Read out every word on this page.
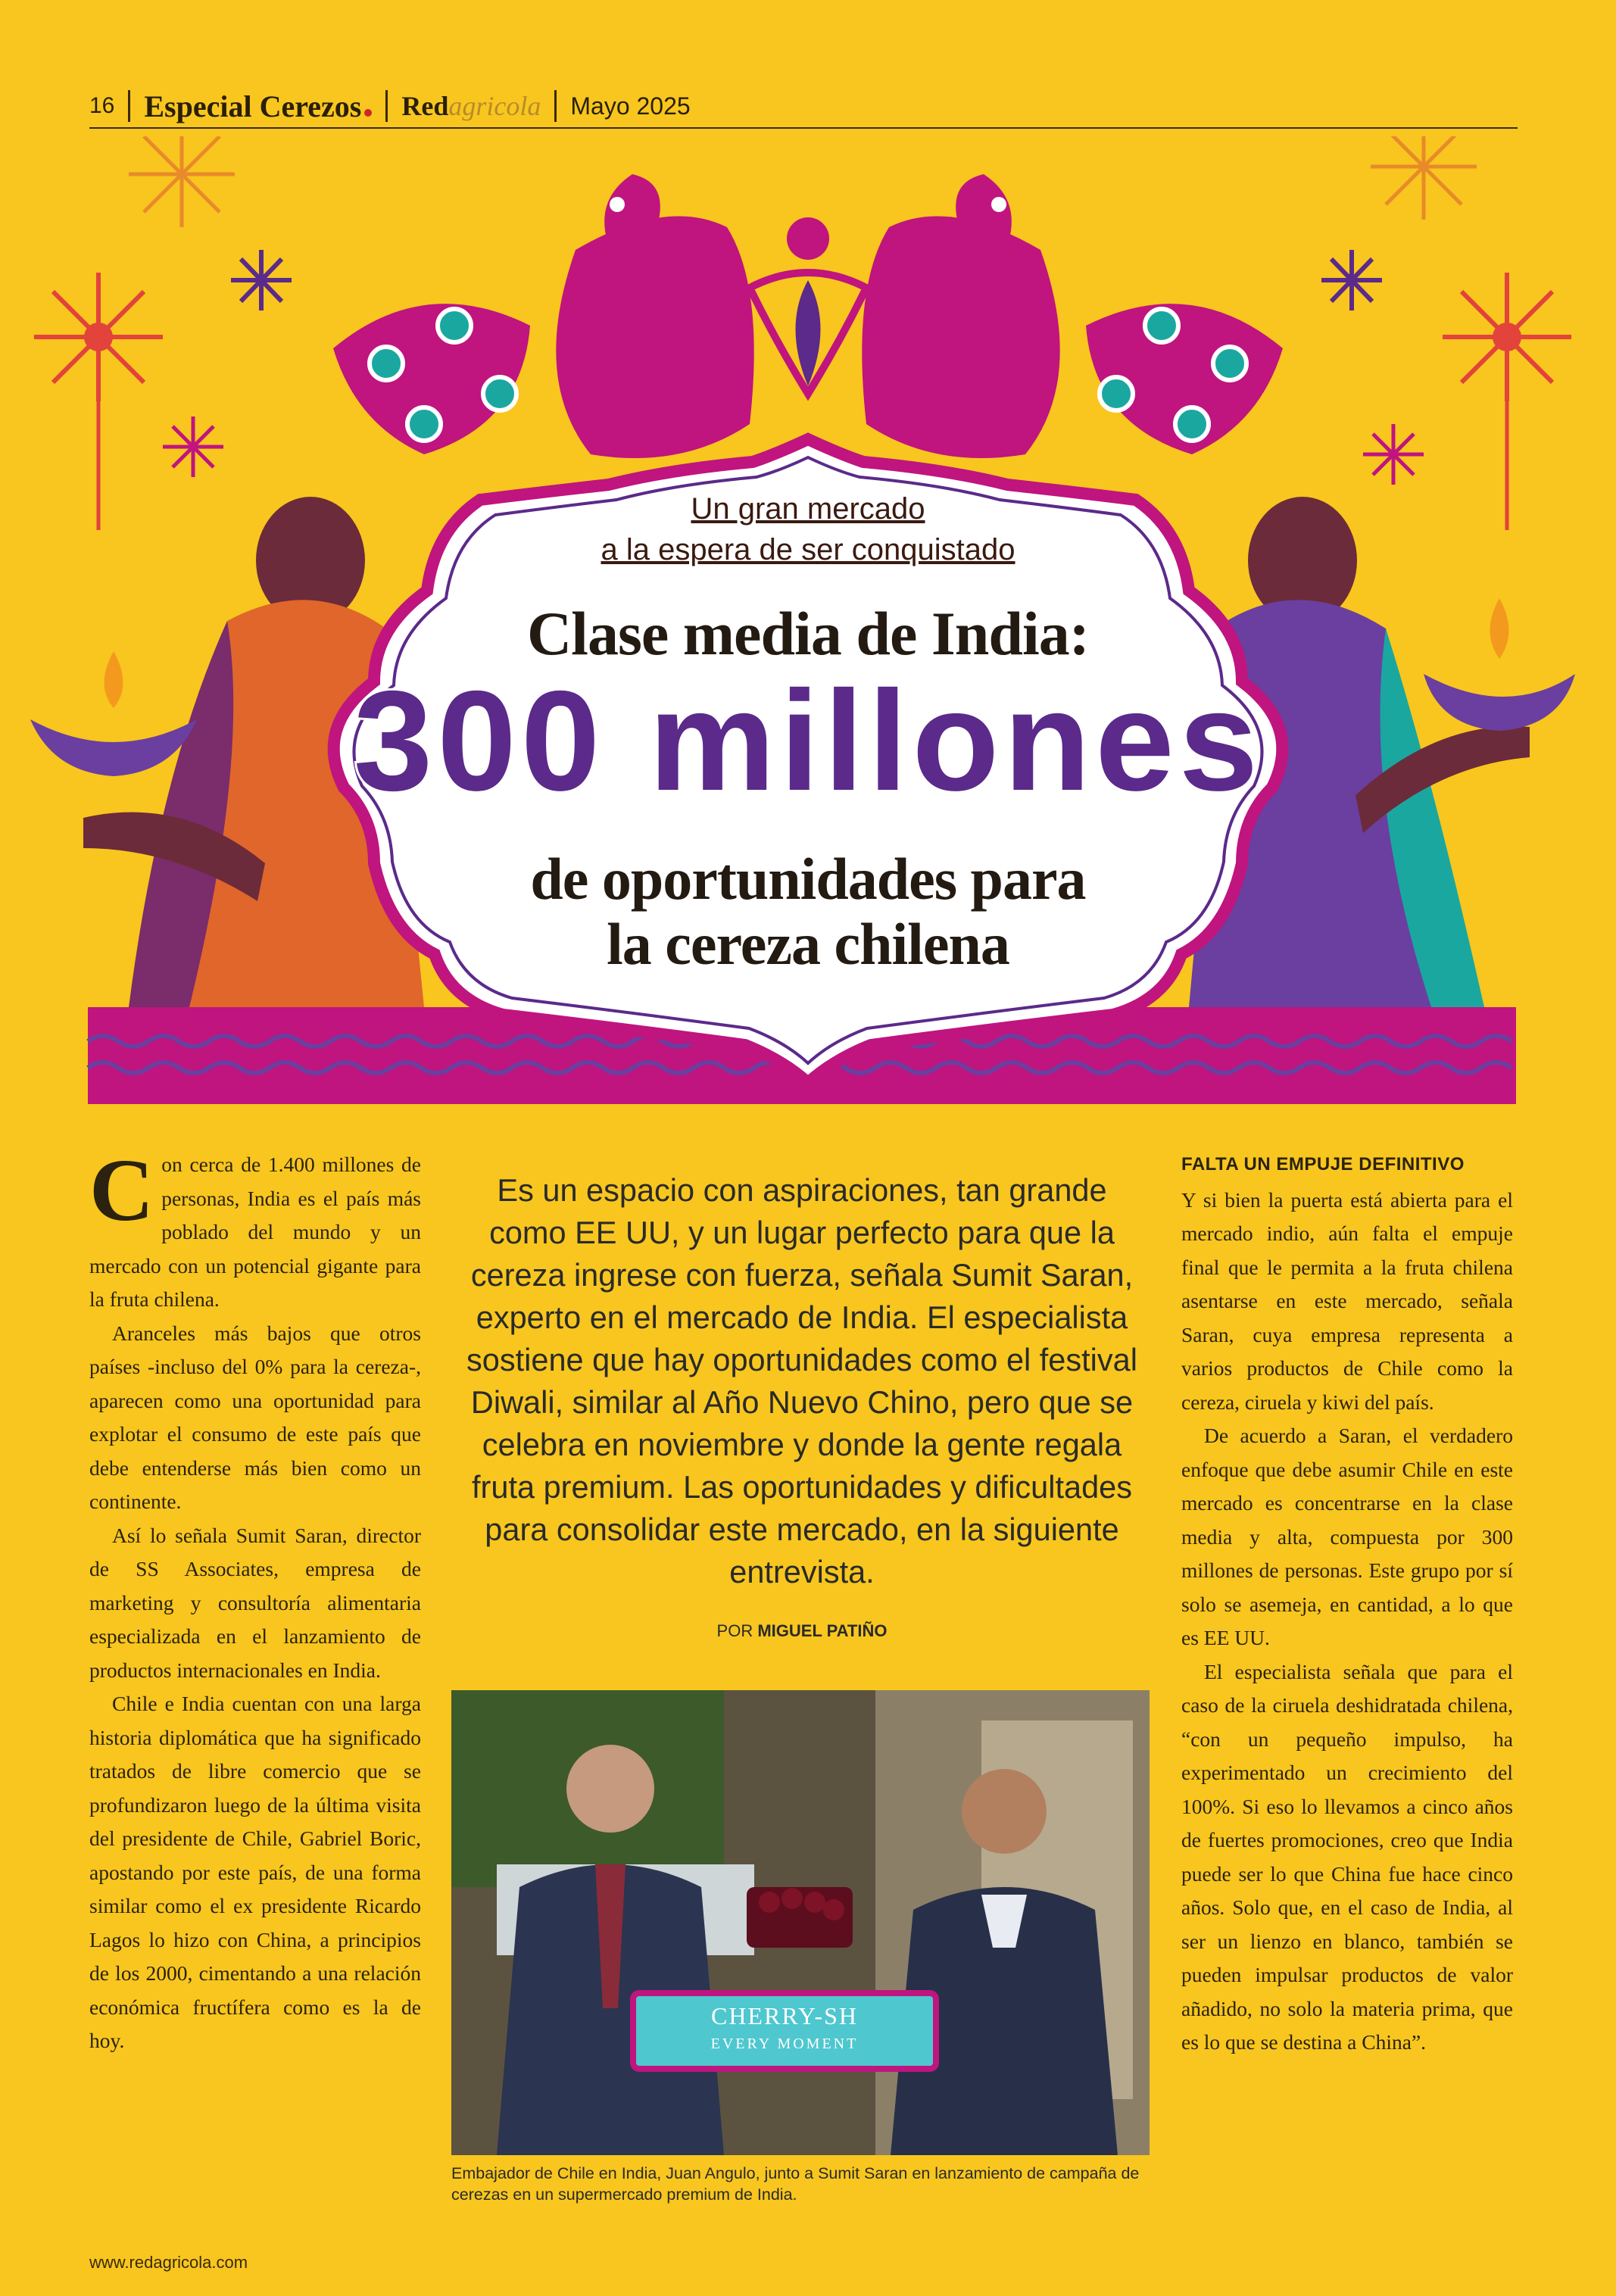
16 Especial Cerezos	Redagricola Mayo 2025
Un gran mercado
a la espera de ser conquistado
Clase media de India:
300 millones
de oportunidades para
la cereza chilena

Con cerca de 1.400 millones de personas, India es el país más poblado del mundo y un mercado con un potencial gigante para la fruta chilena.

Aranceles más bajos que otros países -incluso del 0% para la cereza-, aparecen como una oportunidad para explotar el consumo de este país que debe entenderse más bien como un continente.

Así lo señala Sumit Saran, director de SS Associates, empresa de marketing y consultoría alimentaria especializada en el lanzamiento de productos internacionales en India.

Chile e India cuentan con una larga historia diplomática que ha significado tratados de libre comercio que se profundizaron luego de la última visita del presidente de Chile, Gabriel Boric, apostando por este país, de una forma similar como el ex presidente Ricardo Lagos lo hizo con China, a principios de los 2000, cimentando a una relación económica fructífera como es la de hoy.

Es un espacio con aspiraciones, tan grande como EE UU, y un lugar perfecto para que la cereza ingrese con fuerza, señala Sumit Saran, experto en el mercado de India. El especialista sostiene que hay oportunidades como el festival Diwali, similar al Año Nuevo Chino, pero que se celebra en noviembre y donde la gente regala fruta premium. Las oportunidades y dificultades para consolidar este mercado, en la siguiente entrevista.
POR MIGUEL PATIÑO
CHERRY-SH
EVERY MOMENT
Embajador de Chile en India, Juan Angulo, junto a Sumit Saran en lanzamiento de campaña de cerezas en un supermercado premium de India.
FALTA UN EMPUJE DEFINITIVO

Y si bien la puerta está abierta para el mercado indio, aún falta el empuje final que le permita a la fruta chilena asentarse en este mercado, señala Saran, cuya empresa representa a varios productos de Chile como la cereza, ciruela y kiwi del país.

De acuerdo a Saran, el verdadero enfoque que debe asumir Chile en este mercado es concentrarse en la clase media y alta, compuesta por 300 millones de personas. Este grupo por sí solo se asemeja, en cantidad, a lo que es EE UU.

El especialista señala que para el caso de la ciruela deshidratada chilena, “con un pequeño impulso, ha experimentado un crecimiento del 100%. Si eso lo llevamos a cinco años de fuertes promociones, creo que India puede ser lo que China fue hace cinco años. Solo que, en el caso de India, al ser un lienzo en blanco, también se pueden impulsar productos de valor añadido, no solo la materia prima, que es lo que se destina a China”.

www.redagricola.com
